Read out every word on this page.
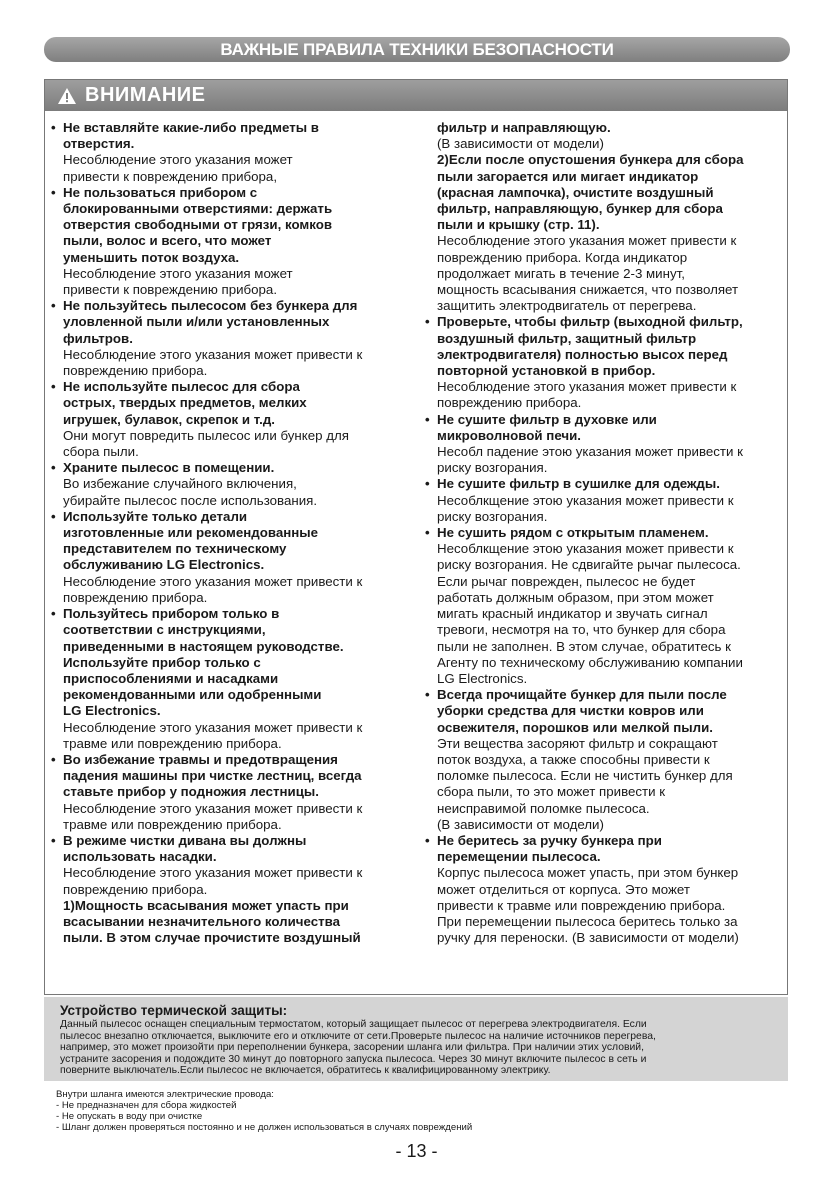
ВАЖНЫЕ ПРАВИЛА ТЕХНИКИ БЕЗОПАСНОСТИ
ВНИМАНИЕ
• Не вставляйте какие-либо предметы в
отверстия.
Несоблюдение этого указания может
привести к повреждению прибора,
• Не пользоваться прибором с
блокированными отверстиями: держать
отверстия свободными от грязи, комков
пыли, волос и всего, что может
уменьшить поток воздуха.
Несоблюдение этого указания может
привести к повреждению прибора.
• Не пользуйтесь пылесосом без бункера для
уловленной пыли и/или установленных
фильтров.
Несоблюдение этого указания может привести к
повреждению прибора.
• Не используйте пылесос для сбора
острых, твердых предметов, мелких
игрушек, булавок, скрепок и т.д.
Они могут повредить пылесос или бункер для
сбора пыли.
• Храните пылесос в помещении.
Во избежание случайного включения,
убирайте пылесос после использования.
• Используйте только детали
изготовленные или рекомендованные
представителем по техническому
обслуживанию LG Electronics.
Несоблюдение этого указания может привести к
повреждению прибора.
• Пользуйтесь прибором только в
соответствии с инструкциями,
приведенными в настоящем руководстве.
Используйте прибор только с
приспособлениями и насадками
рекомендованными или одобренными
LG Electronics.
Несоблюдение этого указания может привести к
травме или повреждению прибора.
• Во избежание травмы и предотвращения
падения машины при чистке лестниц, всегда
ставьте прибор у подножия лестницы.
Несоблюдение этого указания может привести к
травме или повреждению прибора.
• В режиме чистки дивана вы должны
использовать насадки.
Несоблюдение этого указания может привести к
повреждению прибора.
1)Мощность всасывания может упасть при
всасывании незначительного количества
пыли. В этом случае прочистите воздушный
фильтр и направляющую.
(В зависимости от модели)
2)Если после опустошения бункера для сбора
пыли загорается или мигает индикатор
(красная лампочка), очистите воздушный
фильтр, направляющую, бункер для сбора
пыли и крышку (стр. 11).
Несоблюдение этого указания может привести к
повреждению прибора. Когда индикатор
продолжает мигать в течение 2-3 минут,
мощность всасывания снижается, что позволяет
защитить электродвигатель от перегрева.
• Проверьте, чтобы фильтр (выходной фильтр,
воздушный фильтр, защитный фильтр
электродвигателя) полностью высох перед
повторной установкой в прибор.
Несоблюдение этого указания может привести к
повреждению прибора.
• Не сушите фильтр в духовке или
микроволновой печи.
Несобл падение этою указания может привести к
риску возгорания.
• Не сушите фильтр в сушилке для одежды.
Несоблкщение этою указания может привести к
риску возгорания.
• Не сушить рядом с открытым пламенем.
Несоблкщение этою указания может привести к
риску возгорания. Не сдвигайте рычаг пылесоса.
Если рычаг поврежден, пылесос не будет
работать должным образом, при этом может
мигать красный индикатор и звучать сигнал
тревоги, несмотря на то, что бункер для сбора
пыли не заполнен. В этом случае, обратитесь к
Агенту по техническому обслуживанию компании
LG Electronics.
• Всегда прочищайте бункер для пыли после
уборки средства для чистки ковров или
освежителя, порошков или мелкой пыли.
Эти вещества засоряют фильтр и сокращают
поток воздуха, а также способны привести к
поломке пылесоса. Если не чистить бункер для
сбора пыли, то это может привести к
неисправимой поломке пылесоса.
(В зависимости от модели)
• Не беритесь за ручку бункера при
перемещении пылесоса.
Корпус пылесоса может упасть, при этом бункер
может отделиться от корпуса. Это может
привести к травме или повреждению прибора.
При перемещении пылесоса беритесь только за
ручку для переноски. (В зависимости от модели)
Устройство термической защиты:
Данный пылесос оснащен специальным термостатом, который защищает пылесос от перегрева электродвигателя. Если
пылесос внезапно отключается, выключите его и отключите от сети.Проверьте пылесос на наличие источников перегрева,
например, это может произойти при переполнении бункера, засорении шланга или фильтра. При наличии этих условий,
устраните засорения и подождите 30 минут до повторного запуска пылесоса. Через 30 минут включите пылесос в сеть и
поверните выключатель.Если пылесос не включается, обратитесь к квалифицированному электрику.
Внутри шланга имеются электрические провода:
- Не предназначен для сбора жидкостей
- Не опускать в воду при очистке
- Шланг должен проверяться постоянно и не должен использоваться в случаях повреждений
- 13 -
